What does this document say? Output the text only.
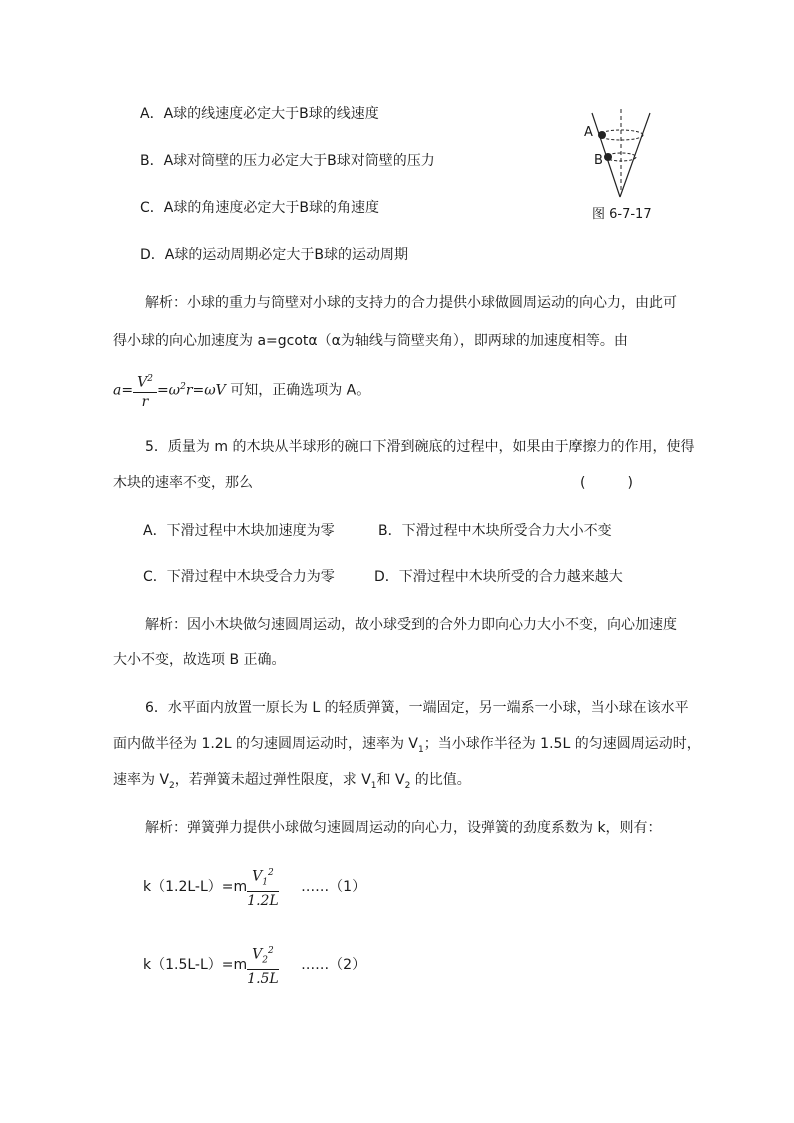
A．A球的线速度必定大于B球的线速度
B．A球对筒壁的压力必定大于B球对筒壁的压力
C．A球的角速度必定大于B球的角速度
D．A球的运动周期必定大于B球的运动周期
A
B
图 6-7-17
解析：小球的重力与筒壁对小球的支持力的合力提供小球做圆周运动的向心力，由此可
得小球的向心加速度为 a=gcotα（α为轴线与筒壁夹角），即两球的加速度相等。由
$a= \frac{V^2}{r} =\omega^2r=\omega V$ 可知，正确选项为 A。
5．质量为 m 的木块从半球形的碗口下滑到碗底的过程中，如果由于摩擦力的作用，使得
木块的速率不变，那么	(　　　)
A．下滑过程中木块加速度为零	B．下滑过程中木块所受合力大小不变
C．下滑过程中木块受合力为零	D．下滑过程中木块所受的合力越来越大
解析：因小木块做匀速圆周运动，故小球受到的合外力即向心力大小不变，向心加速度
大小不变，故选项 B 正确。
6．水平面内放置一原长为 L 的轻质弹簧，一端固定，另一端系一小球，当小球在该水平
面内做半径为 1.2L 的匀速圆周运动时，速率为 $V_1$；当小球作半径为 1.5L 的匀速圆周运动时，
速率为 $V_2$，若弹簧未超过弹性限度，求 $V_1$和 $V_2$ 的比值。
解析：弹簧弹力提供小球做匀速圆周运动的向心力，设弹簧的劲度系数为 k，则有：
$k(1.2L-L)=m \frac{V_1^2}{1.2L}$ ……（1）
$k(1.5L-L)=m \frac{V_2^2}{1.5L}$ ……（2）
